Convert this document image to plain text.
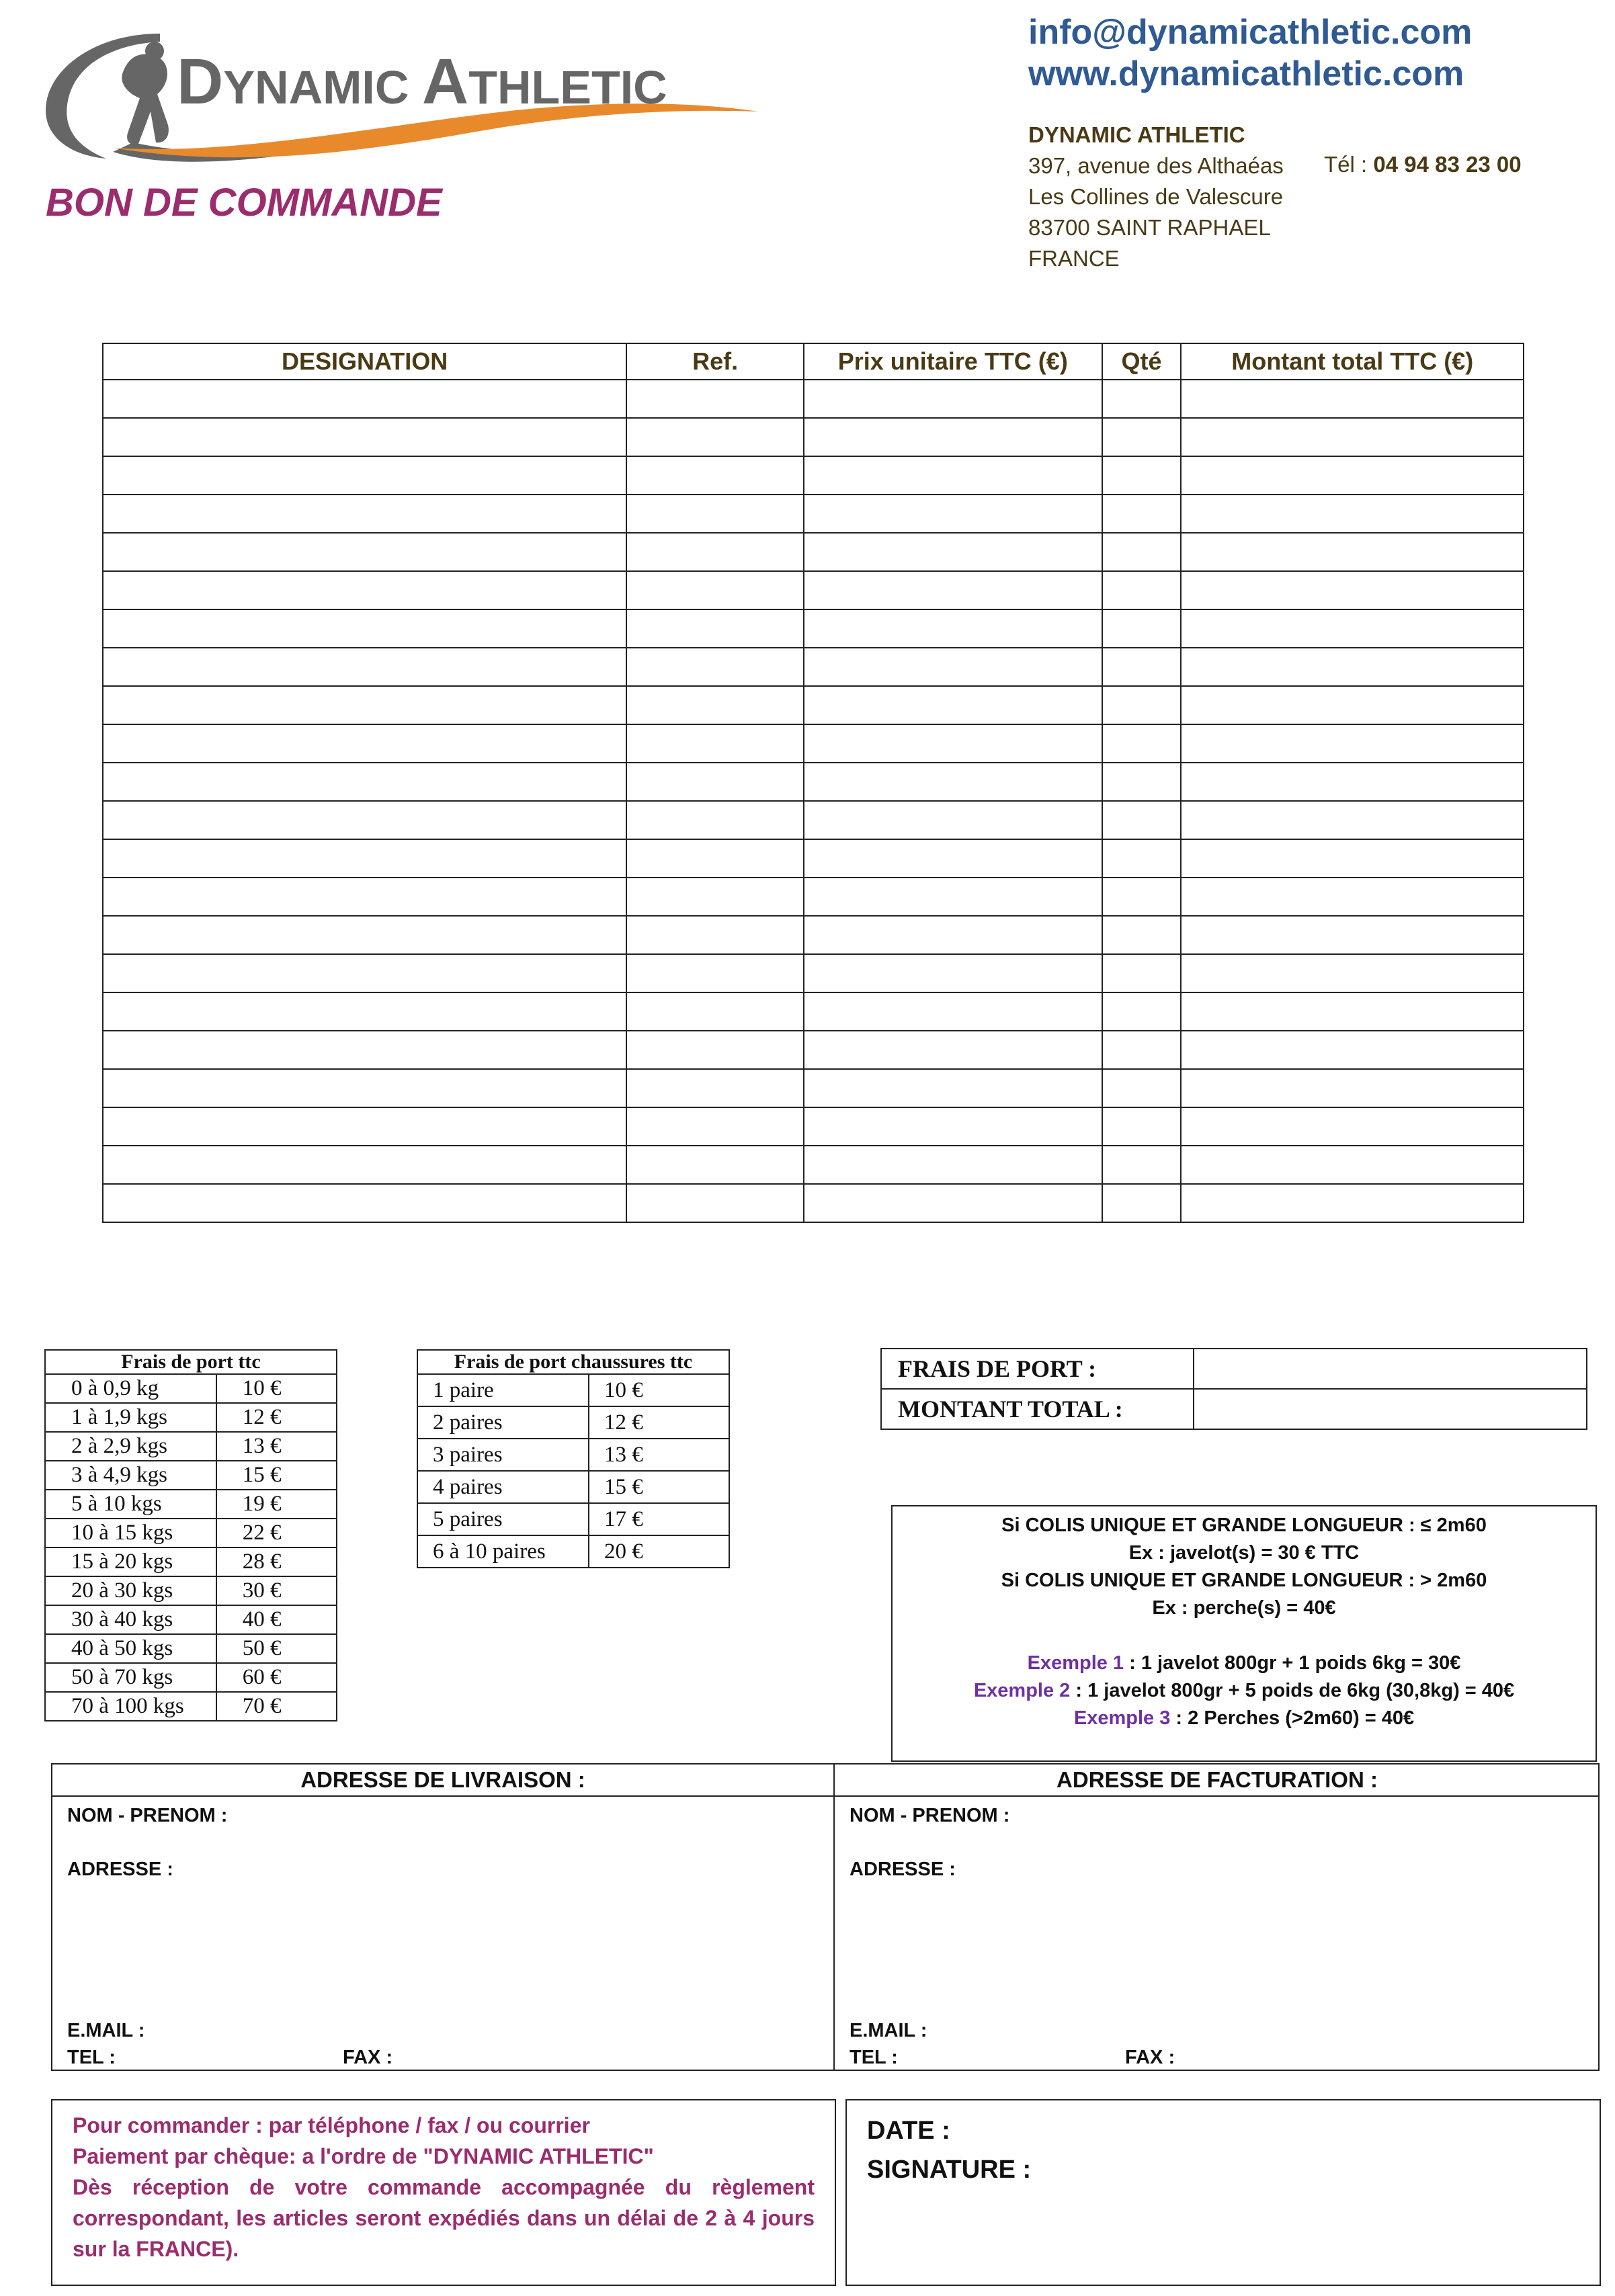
DYNAMIC ATHLETIC
BON DE COMMANDE
info@dynamicathletic.com
www.dynamicathletic.com
DYNAMIC ATHLETIC
397, avenue des Althaéas
Les Collines de Valescure
83700 SAINT RAPHAEL
FRANCE
Tél : 04 94 83 23 00
DESIGNATION	Ref.	Prix unitaire TTC (€)	Qté	Montant total TTC (€)

Frais de port ttc	
0 à 0,9 kg	10 €
1 à 1,9 kgs	12 €
2 à 2,9 kgs	13 €
3 à 4,9 kgs	15 €
5 à 10 kgs	19 €
10 à 15 kgs	22 €
15 à 20 kgs	28 €
20 à 30 kgs	30 €
30 à 40 kgs	40 €
40 à 50 kgs	50 €
50 à 70 kgs	60 €
70 à 100 kgs	70 €
Frais de port chaussures ttc	
1 paire	10 €
2 paires	12 €
3 paires	13 €
4 paires	15 €
5 paires	17 €
6 à 10 paires	20 €
FRAIS DE PORT :	
MONTANT TOTAL :	
Si COLIS UNIQUE ET GRANDE LONGUEUR : ≤ 2m60
Ex : javelot(s) = 30 € TTC
Si COLIS UNIQUE ET GRANDE LONGUEUR : > 2m60
Ex : perche(s) = 40€
Exemple 1 : 1 javelot 800gr + 1 poids 6kg = 30€
Exemple 2 : 1 javelot 800gr + 5 poids de 6kg (30,8kg) = 40€
Exemple 3 : 2 Perches (>2m60) = 40€
ADRESSE DE LIVRAISON :
NOM - PRENOM :
ADRESSE :
E.MAIL :
TEL :	FAX :
ADRESSE DE FACTURATION :
NOM - PRENOM :
ADRESSE :
E.MAIL :
TEL :	FAX :
Pour commander : par téléphone / fax / ou courrier
Paiement par chèque: a l'ordre de "DYNAMIC ATHLETIC"
Dès réception de votre commande accompagnée du règlement correspondant, les articles seront expédiés dans un délai de 2 à 4 jours sur la FRANCE).
DATE :
SIGNATURE :
